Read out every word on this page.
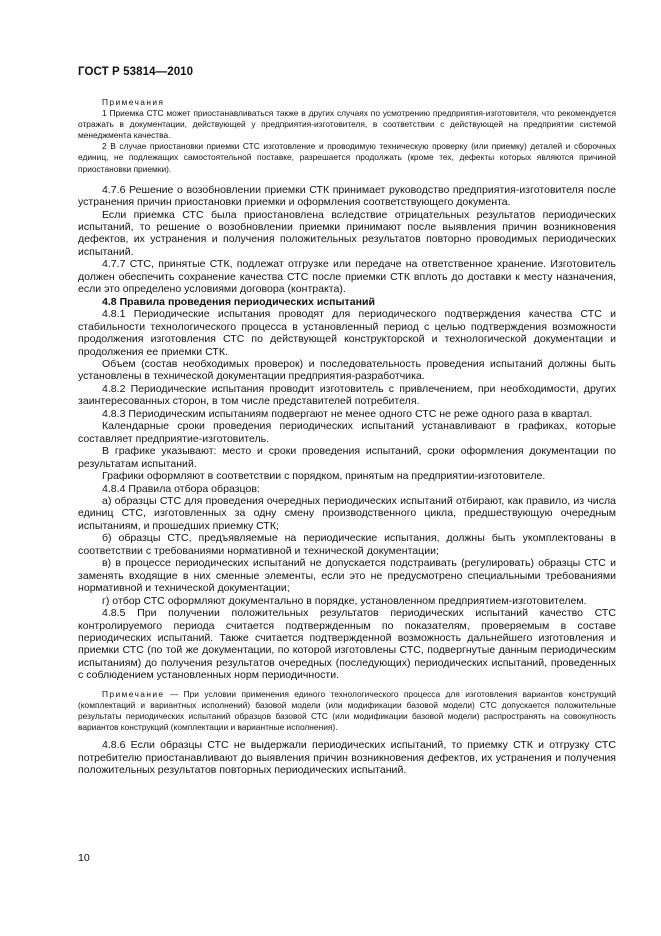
ГОСТ Р 53814—2010

Примечания

1 Приемка СТС может приостанавливаться также в других случаях по усмотрению предприятия-изготовителя, что рекомендуется отражать в документации, действующей у предприятия-изготовителя, в соответствии с действующей на предприятии системой менеджмента качества.

2 В случае приостановки приемки СТС изготовление и проводимую техническую проверку (или приемку) деталей и сборочных единиц, не подлежащих самостоятельной поставке, разрешается продолжать (кроме тех, дефекты которых являются причиной приостановки приемки).

4.7.6 Решение о возобновлении приемки СТК принимает руководство предприятия-изготовителя после устранения причин приостановки приемки и оформления соответствующего документа.

Если приемка СТС была приостановлена вследствие отрицательных результатов периодических испытаний, то решение о возобновлении приемки принимают после выявления причин возникновения дефектов, их устранения и получения положительных результатов повторно проводимых периодических испытаний.

4.7.7 СТС, принятые СТК, подлежат отгрузке или передаче на ответственное хранение. Изготовитель должен обеспечить сохранение качества СТС после приемки СТК вплоть до доставки к месту назначения, если это определено условиями договора (контракта).

4.8 Правила проведения периодических испытаний

4.8.1 Периодические испытания проводят для периодического подтверждения качества СТС и стабильности технологического процесса в установленный период с целью подтверждения возможности продолжения изготовления СТС по действующей конструкторской и технологической документации и продолжения ее приемки СТК.

Объем (состав необходимых проверок) и последовательность проведения испытаний должны быть установлены в технической документации предприятия-разработчика.

4.8.2 Периодические испытания проводит изготовитель с привлечением, при необходимости, других заинтересованных сторон, в том числе представителей потребителя.

4.8.3 Периодическим испытаниям подвергают не менее одного СТС не реже одного раза в квартал.

Календарные сроки проведения периодических испытаний устанавливают в графиках, которые составляет предприятие-изготовитель.

В графике указывают: место и сроки проведения испытаний, сроки оформления документации по результатам испытаний.

Графики оформляют в соответствии с порядком, принятым на предприятии-изготовителе.

4.8.4 Правила отбора образцов:

а) образцы СТС для проведения очередных периодических испытаний отбирают, как правило, из числа единиц СТС, изготовленных за одну смену производственного цикла, предшествующую очередным испытаниям, и прошедших приемку СТК;

б) образцы СТС, предъявляемые на периодические испытания, должны быть укомплектованы в соответствии с требованиями нормативной и технической документации;

в) в процессе периодических испытаний не допускается подстраивать (регулировать) образцы СТС и заменять входящие в них сменные элементы, если это не предусмотрено специальными требованиями нормативной и технической документации;

г) отбор СТС оформляют документально в порядке, установленном предприятием-изготовителем.

4.8.5 При получении положительных результатов периодических испытаний качество СТС контролируемого периода считается подтвержденным по показателям, проверяемым в составе периодических испытаний. Также считается подтвержденной возможность дальнейшего изготовления и приемки СТС (по той же документации, по которой изготовлены СТС, подвергнутые данным периодическим испытаниям) до получения результатов очередных (последующих) периодических испытаний, проведенных с соблюдением установленных норм периодичности.

Примечание — При условии применения единого технологического процесса для изготовления вариантов конструкций (комплектаций и вариантных исполнений) базовой модели (или модификации базовой модели) СТС допускается положительные результаты периодических испытаний образцов базовой СТС (или модификации базовой модели) распространять на совокупность вариантов конструкций (комплектации и вариантные исполнения).

4.8.6 Если образцы СТС не выдержали периодических испытаний, то приемку СТК и отгрузку СТС потребителю приостанавливают до выявления причин возникновения дефектов, их устранения и получения положительных результатов повторных периодических испытаний.

10
